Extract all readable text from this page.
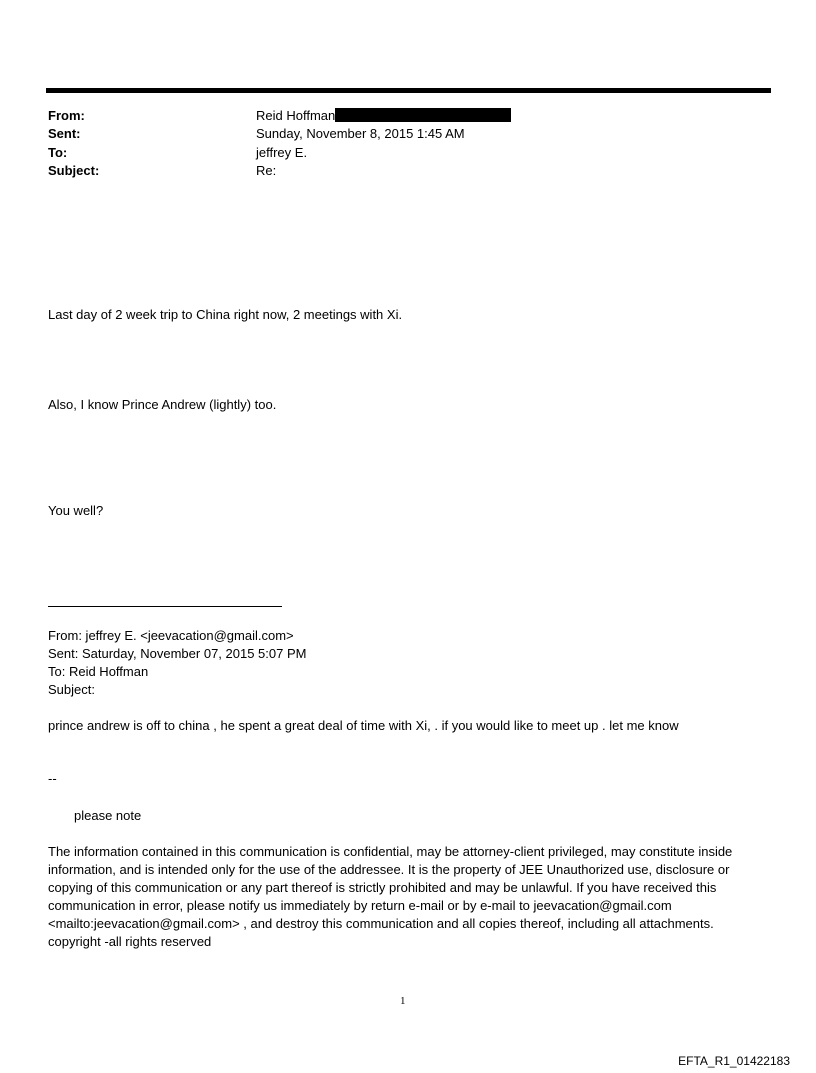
From:	Reid Hoffman
Sent:	Sunday, November 8, 2015 1:45 AM
To:	jeffrey E.
Subject:	Re:
Last day of 2 week trip to China right now, 2 meetings with Xi.
Also, I know Prince Andrew (lightly) too.
You well?
From: jeffrey E. <jeevacation@gmail.com>
Sent: Saturday, November 07, 2015 5:07 PM
To: Reid Hoffman
Subject:
prince andrew is off to china , he spent a great deal of time with Xi, . if you would like to meet up . let me know
--
please note
The information contained in this communication is confidential, may be attorney-client privileged, may constitute inside information, and is intended only for the use of the addressee. It is the property of JEE Unauthorized use, disclosure or copying of this communication or any part thereof is strictly prohibited and may be unlawful. If you have received this communication in error, please notify us immediately by return e-mail or by e-mail to jeevacation@gmail.com <mailto:jeevacation@gmail.com> , and destroy this communication and all copies thereof, including all attachments. copyright -all rights reserved
1
EFTA_R1_01422183
